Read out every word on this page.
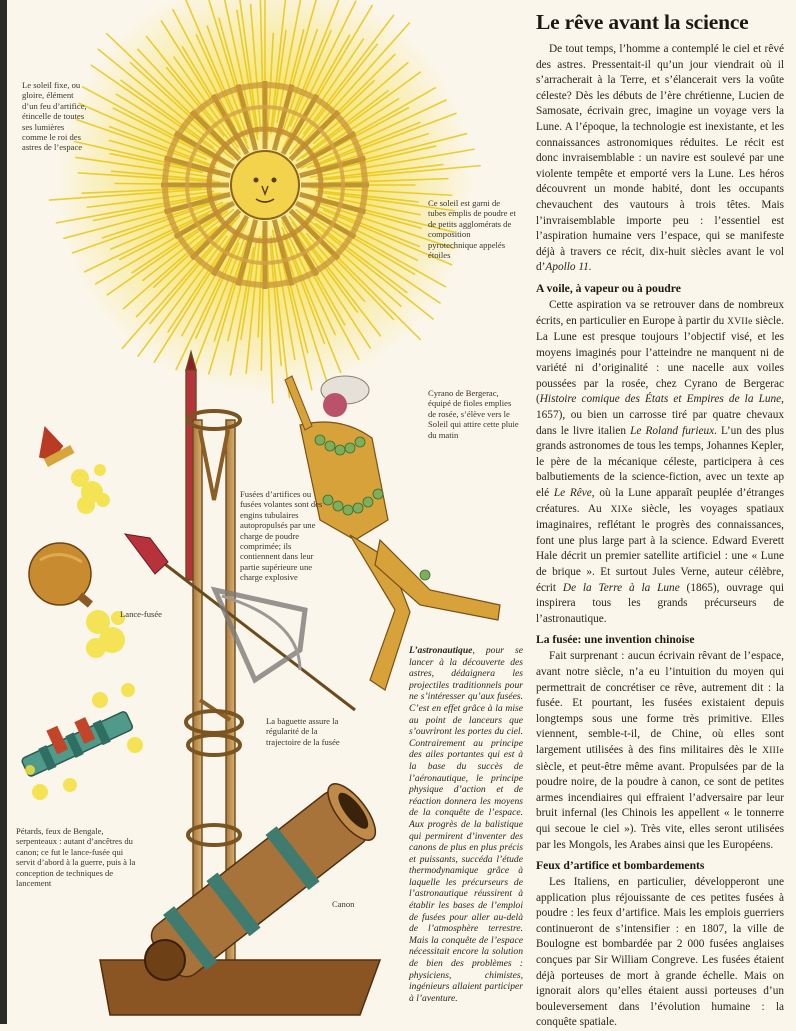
Le soleil fixe, ou gloire, élément d’un feu d’artifice, étincelle de toutes ses lumières comme le roi des astres de l’espace

Ce soleil est garni de tubes emplis de poudre et de petits agglomérats de composition pyrotechnique appelés étoiles

Cyrano de Bergerac, équipé de fioles emplies de rosée, s’élève vers le Soleil qui attire cette pluie du matin

Fusées d’artifices ou fusées volantes sont des engins tubulaires autopropulsés par une charge de poudre comprimée; ils contiennent dans leur partie supérieure une charge explosive

Lance-fusée

La baguette assure la régularité de la trajectoire de la fusée

Pétards, feux de Bengale, serpenteaux : autant d’ancêtres du canon; ce fut le lance-fusée qui servit d’abord à la guerre, puis à la conception de techniques de lancement

Canon

L’astronautique, pour se lancer à la découverte des astres, dédaignera les projectiles traditionnels pour ne s’intéresser qu’aux fusées. C’est en effet grâce à la mise au point de lanceurs que s’ouvriront les portes du ciel. Contrairement au principe des ailes portantes qui est à la base du succès de l’aéronautique, le principe physique d’action et de réaction donnera les moyens de la conquête de l’espace. Aux progrès de la balistique qui permirent d’inventer des canons de plus en plus précis et puissants, succéda l’étude thermodynamique grâce à laquelle les précurseurs de l’astronautique réussirent à établir les bases de l’emploi de fusées pour aller au-delà de l’atmosphère terrestre. Mais la conquête de l’espace nécessitait encore la solution de bien des problèmes : physiciens, chimistes, ingénieurs allaient participer à l’aventure.

Le rêve avant la science

De tout temps, l’homme a contemplé le ciel et rêvé des astres. Pressentait-il qu’un jour viendrait où il s’arracherait à la Terre, et s’élancerait vers la voûte céleste? Dès les débuts de l’ère chrétienne, Lucien de Samosate, écrivain grec, imagine un voyage vers la Lune. A l’époque, la technologie est inexistante, et les connaissances astronomiques réduites. Le récit est donc invraisemblable : un navire est soulevé par une violente tempête et emporté vers la Lune. Les héros découvrent un monde habité, dont les occupants chevauchent des vautours à trois têtes. Mais l’invraisemblable importe peu : l’essentiel est l’aspiration humaine vers l’espace, qui se manifeste déjà à travers ce récit, dix-huit siècles avant le vol d’Apollo 11.

A voile, à vapeur ou à poudre

Cette aspiration va se retrouver dans de nombreux écrits, en particulier en Europe à partir du XVIIe siècle. La Lune est presque toujours l’objectif visé, et les moyens imaginés pour l’atteindre ne manquent ni de variété ni d’originalité : une nacelle aux voiles poussées par la rosée, chez Cyrano de Bergerac (Histoire comique des États et Empires de la Lune, 1657), ou bien un carrosse tiré par quatre chevaux dans le livre italien Le Roland furieux. L’un des plus grands astronomes de tous les temps, Johannes Kepler, le père de la mécanique céleste, participera à ces balbutiements de la science-fiction, avec un texte ap elé Le Rêve, où la Lune apparaît peuplée d’étranges créatures. Au XIXe siècle, les voyages spatiaux imaginaires, reflétant le progrès des connaissances, font une plus large part à la science. Edward Everett Hale décrit un premier satellite artificiel : une « Lune de brique ». Et surtout Jules Verne, auteur célèbre, écrit De la Terre à la Lune (1865), ouvrage qui inspirera tous les grands précurseurs de l’astronautique.

La fusée: une invention chinoise

Fait surprenant : aucun écrivain rêvant de l’espace, avant notre siècle, n’a eu l’intuition du moyen qui permettrait de concrétiser ce rêve, autrement dit : la fusée. Et pourtant, les fusées existaient depuis longtemps sous une forme très primitive. Elles viennent, semble-t-il, de Chine, où elles sont largement utilisées à des fins militaires dès le XIIIe siècle, et peut-être même avant. Propulsées par de la poudre noire, de la poudre à canon, ce sont de petites armes incendiaires qui effraient l’adversaire par leur bruit infernal (les Chinois les appellent « le tonnerre qui secoue le ciel »). Très vite, elles seront utilisées par les Mongols, les Arabes ainsi que les Européens.

Feux d’artifice et bombardements

Les Italiens, en particulier, développeront une application plus réjouissante de ces petites fusées à poudre : les feux d’artifice. Mais les emplois guerriers continueront de s’intensifier : en 1807, la ville de Boulogne est bombardée par 2 000 fusées anglaises conçues par Sir William Congreve. Les fusées étaient déjà porteuses de mort à grande échelle. Mais on ignorait alors qu’elles étaient aussi porteuses d’un bouleversement dans l’évolution humaine : la conquête spatiale.
